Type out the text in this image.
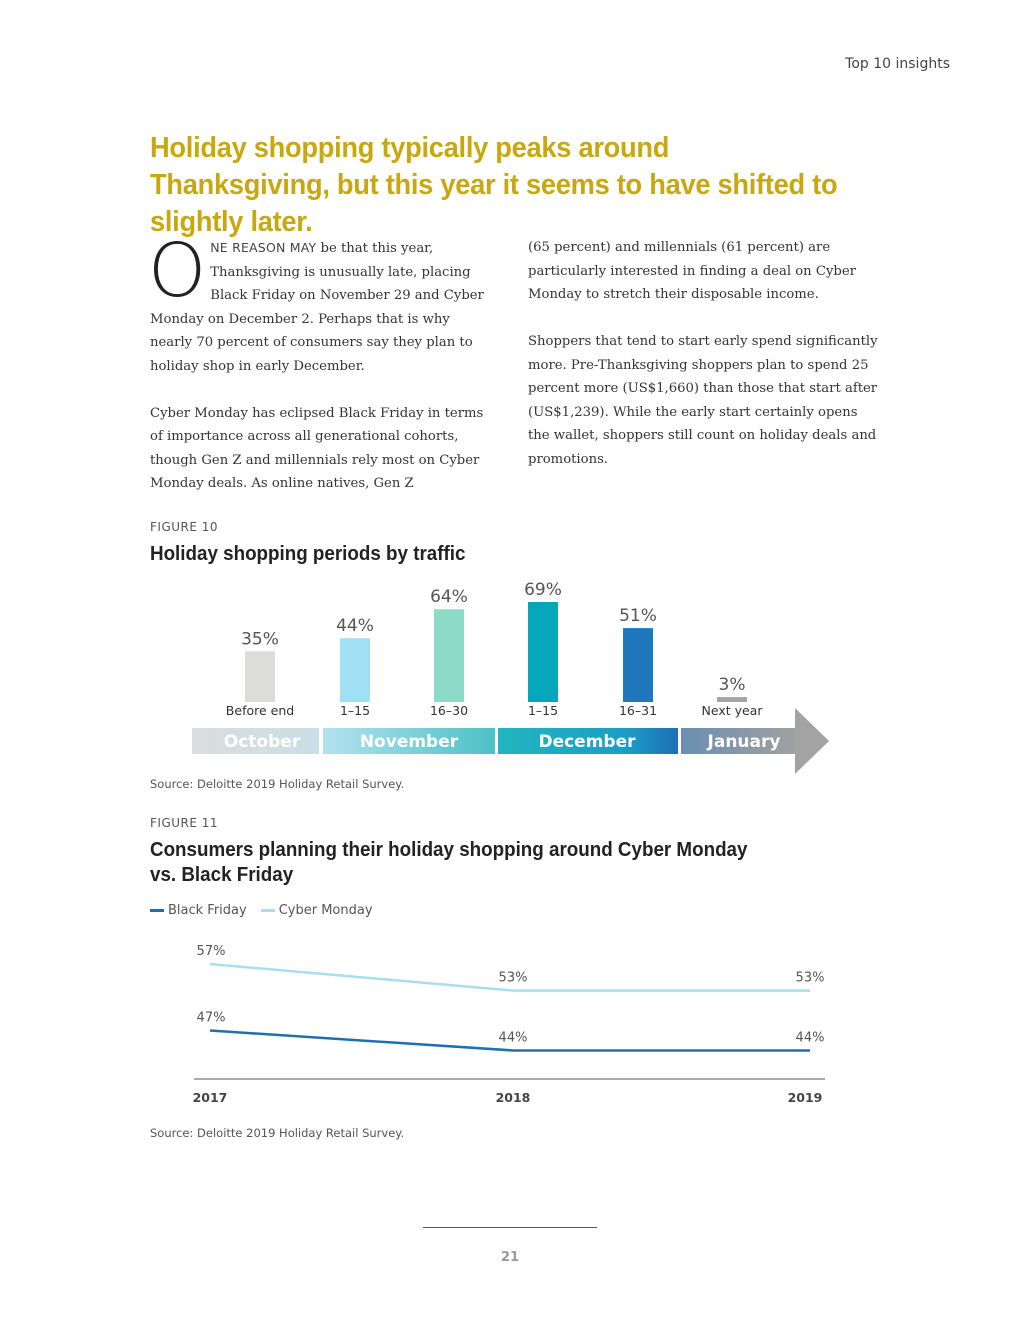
Top 10 insights
Holiday shopping typically peaks around Thanksgiving, but this year it seems to have shifted to slightly later.

ONE REASON MAY be that this year, Thanksgiving is unusually late, placing Black Friday on November 29 and Cyber Monday on December 2. Perhaps that is why nearly 70 percent of consumers say they plan to holiday shop in early December.

Cyber Monday has eclipsed Black Friday in terms of importance across all generational cohorts, though Gen Z and millennials rely most on Cyber Monday deals. As online natives, Gen Z

(65 percent) and millennials (61 percent) are particularly interested in finding a deal on Cyber Monday to stretch their disposable income.

Shoppers that tend to start early spend significantly more. Pre-Thanksgiving shoppers plan to spend 25 percent more (US$1,660) than those that start after (US$1,239). While the early start certainly opens the wallet, shoppers still count on holiday deals and promotions.

FIGURE 10
Holiday shopping periods by traffic
35%
Before end
44%
1–15
64%
16–30
69%
1–15
51%
16–31
3%
Next year
October	November	December	January
Source: Deloitte 2019 Holiday Retail Survey.
FIGURE 11
Consumers planning their holiday shopping around Cyber Monday
vs. Black Friday
Black Friday Cyber Monday
57%
53%	53%
47%
44%	44%
2017	2018	2019
Source: Deloitte 2019 Holiday Retail Survey.
21
